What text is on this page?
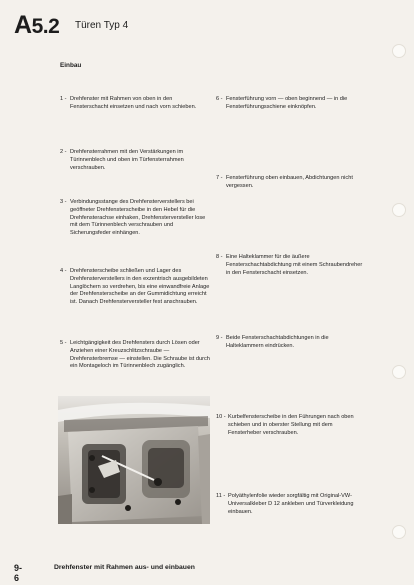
A5.2 Türen Typ 4
Einbau
1 - Drehfenster mit Rahmen von oben in den Fensterschacht einsetzen und nach vorn schieben.
2 - Drehfensterrahmen mit den Verstärkungen im Türinnenblech und oben im Türfensterrahmen verschrauben.
3 - Verbindungsstange des Drehfensterverstellers bei geöffneter Drehfensterscheibe in den Hebel für die Drehfensterachse einhaken, Drehfensterversteller lose mit dem Türinnenblech verschrauben und Sicherungsfeder einhängen.
4 - Drehfensterscheibe schließen und Lager des Drehfensterverstellers in den exzentrisch ausgebildeten Langlöchern so verdrehen, bis eine einwandfreie Anlage der Drehfensterscheibe an der Gummidichtung erreicht ist. Danach Drehfensterversteller fest anschrauben.
5 - Leichtgängigkeit des Drehfensters durch Lösen oder Anziehen einer Kreuzschlitzschraube — Drehfensterbremse — einstellen. Die Schraube ist durch ein Montageloch im Türinnenblech zugänglich.
6 - Fensterführung vorn — oben beginnend — in die Fensterführungsschiene einknöpfen.
7 - Fensterführung oben einbauen, Abdichtungen nicht vergessen.
8 - Eine Halteklammer für die äußere Fensterschachtabdichtung mit einem Schraubendreher in den Fensterschacht einsetzen.
9 - Beide Fensterschachtabdichtungen in die Halteklammern eindrücken.
10 - Kurbelfensterscheibe in den Führungen nach oben schieben und in oberster Stellung mit dem Fensterheber verschrauben.
11 - Polyäthylenfolie wieder sorgfältig mit Original-VW-Universalkleber D 12 ankleben und Türverkleidung einbauen.
9-6
Drehfenster mit Rahmen aus- und einbauen
